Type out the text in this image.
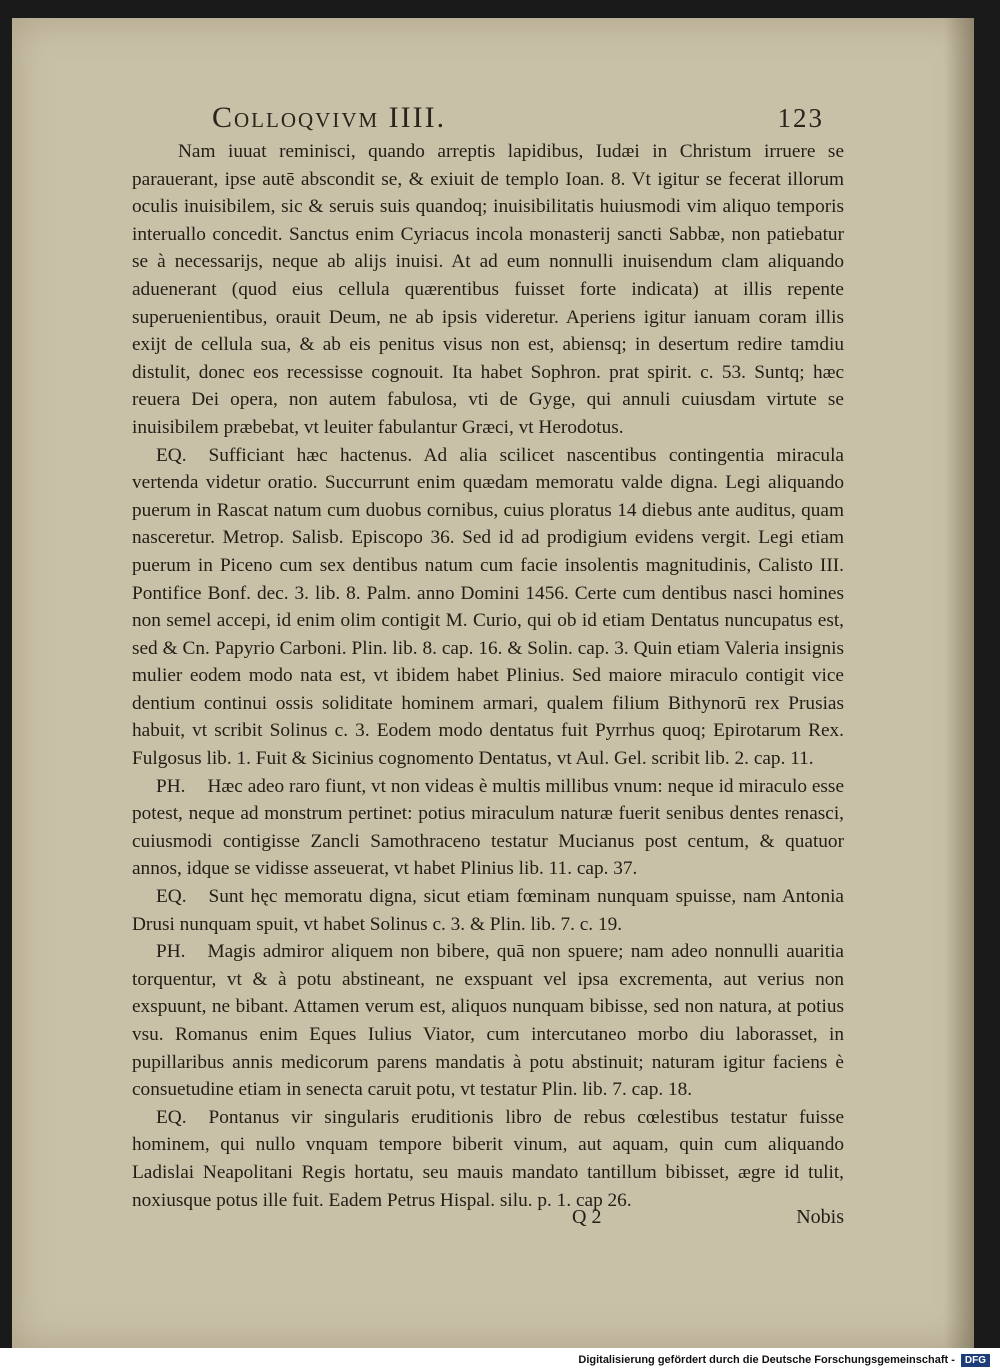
Colloqvivm IIII.	123

Nam iuuat reminisci, quando arreptis lapidibus, Iudæi in Christum irruere se parauerant, ipse autē abscondit se, & exiuit de templo Ioan. 8. Vt igitur se fecerat illorum oculis inuisibilem, sic & seruis suis quandoq; inuisibilitatis huiusmodi vim aliquo temporis interuallo concedit. Sanctus enim Cyriacus incola monasterij sancti Sabbæ, non patiebatur se à necessarijs, neque ab alijs inuisi. At ad eum nonnulli inuisendum clam aliquando aduenerant (quod eius cellula quærentibus fuisset forte indicata) at illis repente superuenientibus, orauit Deum, ne ab ipsis videretur. Aperiens igitur ianuam coram illis exijt de cellula sua, & ab eis penitus visus non est, abiensq; in desertum redire tamdiu distulit, donec eos recessisse cognouit. Ita habet Sophron. prat spirit. c. 53. Suntq; hæc reuera Dei opera, non autem fabulosa, vti de Gyge, qui annuli cuiusdam virtute se inuisibilem præbebat, vt leuiter fabulantur Græci, vt Herodotus.

EQ. Sufficiant hæc hactenus. Ad alia scilicet nascentibus contingentia miracula vertenda videtur oratio. Succurrunt enim quædam memoratu valde digna. Legi aliquando puerum in Rascat natum cum duobus cornibus, cuius ploratus 14 diebus ante auditus, quam nasceretur. Metrop. Salisb. Episcopo 36. Sed id ad prodigium evidens vergit. Legi etiam puerum in Piceno cum sex dentibus natum cum facie insolentis magnitudinis, Calisto III. Pontifice Bonf. dec. 3. lib. 8. Palm. anno Domini 1456. Certe cum dentibus nasci homines non semel accepi, id enim olim contigit M. Curio, qui ob id etiam Dentatus nuncupatus est, sed & Cn. Papyrio Carboni. Plin. lib. 8. cap. 16. & Solin. cap. 3. Quin etiam Valeria insignis mulier eodem modo nata est, vt ibidem habet Plinius. Sed maiore miraculo contigit vice dentium continui ossis soliditate hominem armari, qualem filium Bithynorū rex Prusias habuit, vt scribit Solinus c. 3. Eodem modo dentatus fuit Pyrrhus quoq; Epirotarum Rex. Fulgosus lib. 1. Fuit & Sicinius cognomento Dentatus, vt Aul. Gel. scribit lib. 2. cap. 11.

PH. Hæc adeo raro fiunt, vt non videas è multis millibus vnum: neque id miraculo esse potest, neque ad monstrum pertinet: potius miraculum naturæ fuerit senibus dentes renasci, cuiusmodi contigisse Zancli Samothraceno testatur Mucianus post centum, & quatuor annos, idque se vidisse asseuerat, vt habet Plinius lib. 11. cap. 37.

EQ. Sunt hęc memoratu digna, sicut etiam fœminam nunquam spuisse, nam Antonia Drusi nunquam spuit, vt habet Solinus c. 3. & Plin. lib. 7. c. 19.

PH. Magis admiror aliquem non bibere, quā non spuere; nam adeo nonnulli auaritia torquentur, vt & à potu abstineant, ne exspuant vel ipsa excrementa, aut verius non exspuunt, ne bibant. Attamen verum est, aliquos nunquam bibisse, sed non natura, at potius vsu. Romanus enim Eques Iulius Viator, cum intercutaneo morbo diu laborasset, in pupillaribus annis medicorum parens mandatis à potu abstinuit; naturam igitur faciens è consuetudine etiam in senecta caruit potu, vt testatur Plin. lib. 7. cap. 18.

EQ. Pontanus vir singularis eruditionis libro de rebus cœlestibus testatur fuisse hominem, qui nullo vnquam tempore biberit vinum, aut aquam, quin cum aliquando Ladislai Neapolitani Regis hortatu, seu mauis mandato tantillum bibisset, ægre id tulit, noxiusque potus ille fuit. Eadem Petrus Hispal. silu. p. 1. cap 26.

Q 2	Nobis
Digitalisierung gefördert durch die Deutsche Forschungsgemeinschaft -	DFG
